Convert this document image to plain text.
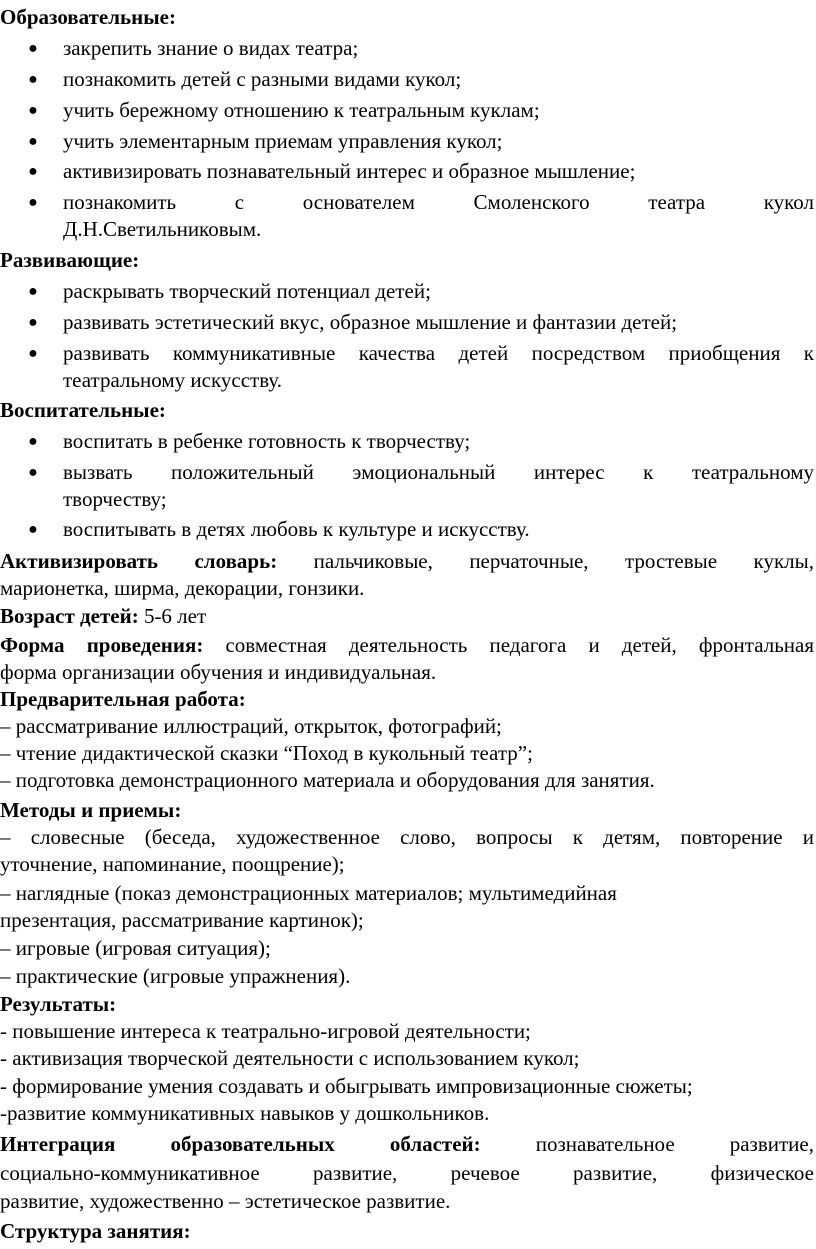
Образовательные:
● закрепить знание о видах театра;
● познакомить детей с разными видами кукол;
● учить бережному отношению к театральным куклам;
● учить элементарным приемам управления кукол;
● активизировать познавательный интерес и образное мышление;
● познакомить с основателем Смоленского театра кукол
Д.Н.Светильниковым.
Развивающие:
● раскрывать творческий потенциал детей;
● развивать эстетический вкус, образное мышление и фантазии детей;
● развивать коммуникативные качества детей посредством приобщения к
театральному искусству.
Воспитательные:
● воспитать в ребенке готовность к творчеству;
● вызвать положительный эмоциональный интерес к театральному
творчеству;
● воспитывать в детях любовь к культуре и искусству.
Активизировать словарь: пальчиковые, перчаточные, тростевые куклы,
марионетка, ширма, декорации, гонзики.
Возраст детей: 5-6 лет
Форма проведения: совместная деятельность педагога и детей, фронтальная
форма организации обучения и индивидуальная.
Предварительная работа:
– рассматривание иллюстраций, открыток, фотографий;
– чтение дидактической сказки “Поход в кукольный театр”;
– подготовка демонстрационного материала и оборудования для занятия.
Методы и приемы:
– словесные (беседа, художественное слово, вопросы к детям, повторение и
уточнение, напоминание, поощрение);
– наглядные (показ демонстрационных материалов; мультимедийная
презентация, рассматривание картинок);
– игровые (игровая ситуация);
– практические (игровые упражнения).
Результаты:
- повышение интереса к театрально-игровой деятельности;
- активизация творческой деятельности с использованием кукол;
- формирование умения создавать и обыгрывать импровизационные сюжеты;
-развитие коммуникативных навыков у дошкольников.
Интеграция образовательных областей: познавательное развитие,
социально-коммуникативное развитие, речевое развитие, физическое
развитие, художественно – эстетическое развитие.
Структура занятия:
